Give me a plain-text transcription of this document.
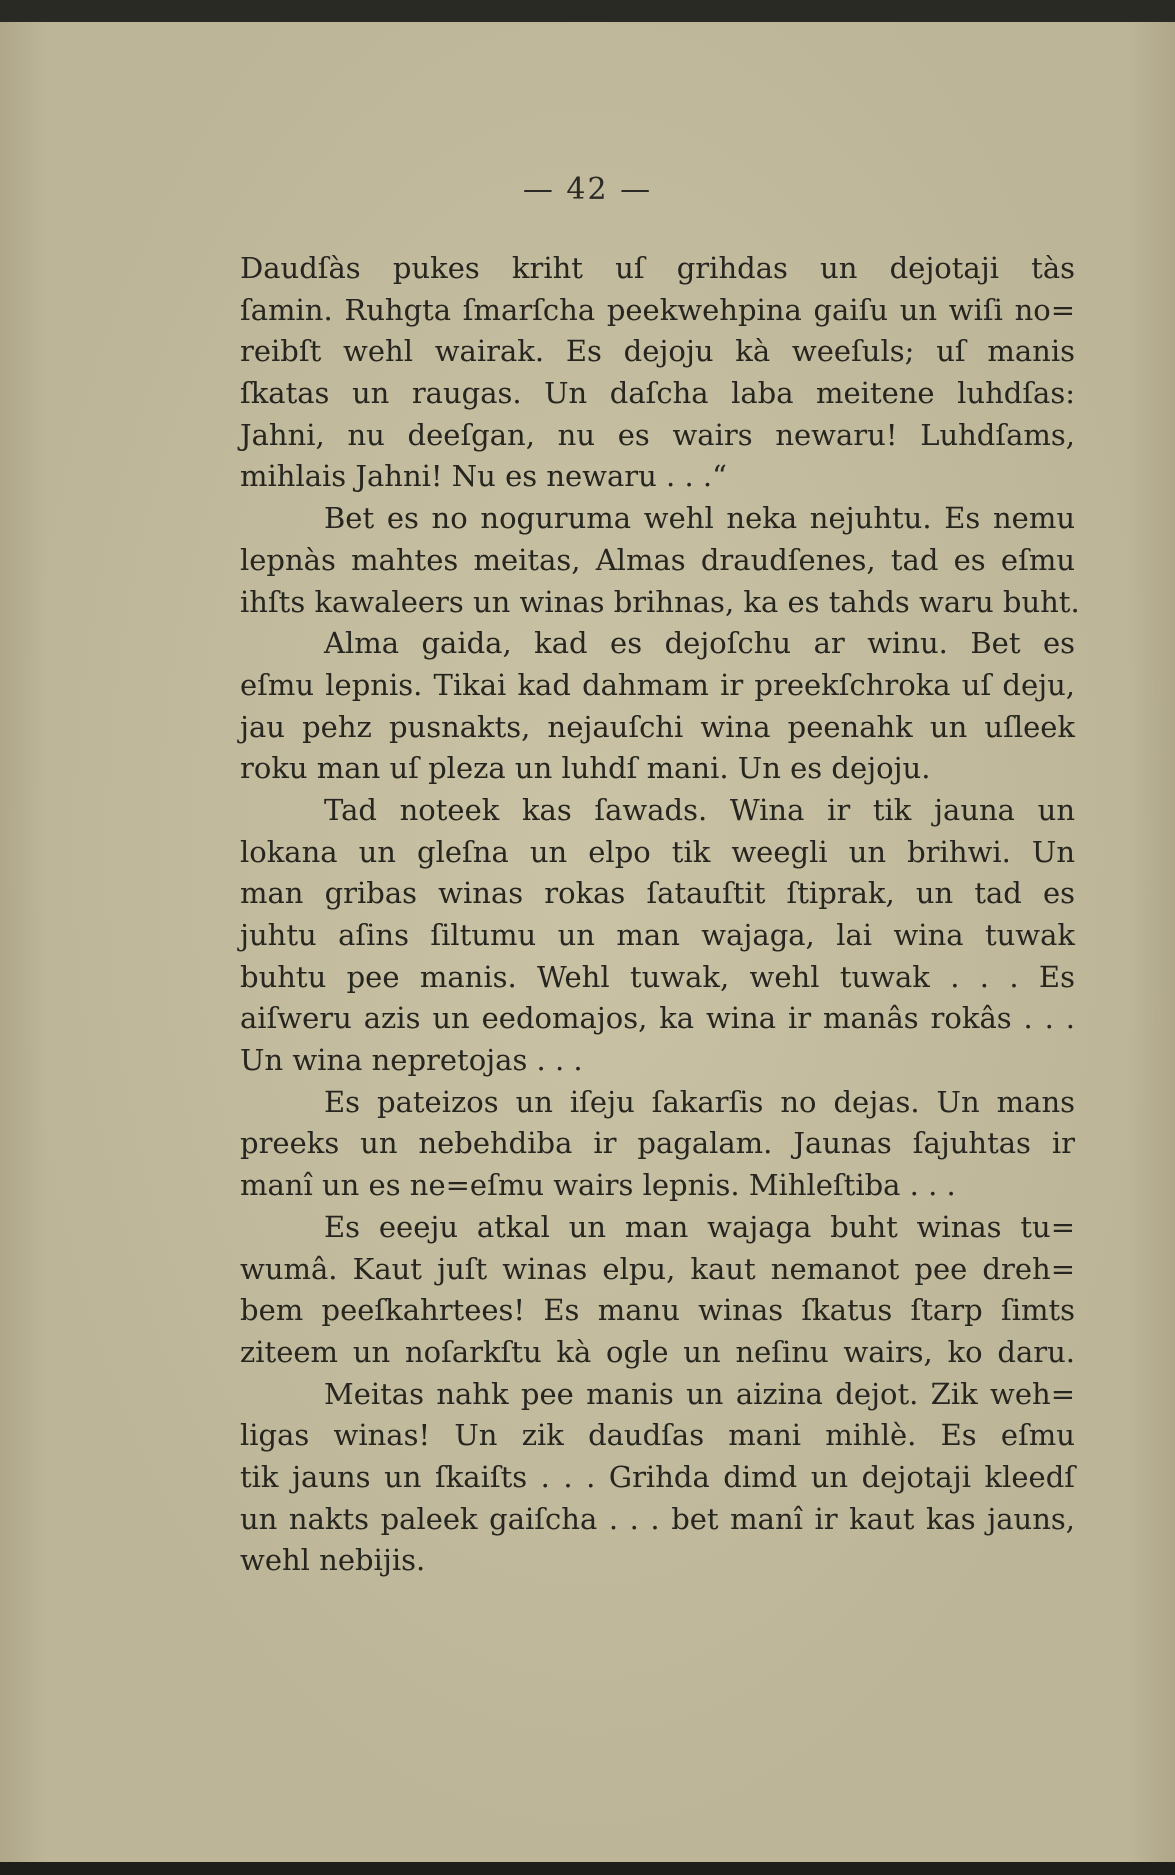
— 42 —
Daudſàs pukes kriht uſ grihdas un dejotaji tàs
ſamin. Ruhgta ſmarſcha peekwehpina gaiſu un wiſi no=
reibſt wehl wairak. Es dejoju kà weeſuls; uſ manis
ſkatas un raugas. Un daſcha laba meitene luhdſas:
Jahni, nu deeſgan, nu es wairs newaru! Luhdſams,
mihlais Jahni! Nu es newaru . . .“
Bet es no noguruma wehl neka nejuhtu. Es nemu
lepnàs mahtes meitas, Almas draudſenes, tad es eſmu
ihſts kawaleers un winas brihnas, ka es tahds waru buht.
Alma gaida, kad es dejoſchu ar winu. Bet es
eſmu lepnis. Tikai kad dahmam ir preekſchroka uſ deju,
jau pehz pusnakts, nejauſchi wina peenahk un uſleek
roku man uſ pleza un luhdſ mani. Un es dejoju.
Tad noteek kas ſawads. Wina ir tik jauna un
lokana un gleſna un elpo tik weegli un brihwi. Un
man gribas winas rokas ſatauſtit ſtiprak, un tad es
juhtu aſins ſiltumu un man wajaga, lai wina tuwak
buhtu pee manis. Wehl tuwak, wehl tuwak . . . Es
aiſweru azis un eedomajos, ka wina ir manâs rokâs . . .
Un wina nepretojas . . .
Es pateizos un iſeju ſakarſis no dejas. Un mans
preeks un nebehdiba ir pagalam. Jaunas ſajuhtas ir
manî un es ne=eſmu wairs lepnis. Mihleſtiba . . .
Es eeeju atkal un man wajaga buht winas tu=
wumâ. Kaut juſt winas elpu, kaut nemanot pee dreh=
bem peeſkahrtees! Es manu winas ſkatus ſtarp ſimts
ziteem un noſarkſtu kà ogle un neſinu wairs, ko daru.
Meitas nahk pee manis un aizina dejot. Zik weh=
ligas winas! Un zik daudſas mani mihlè. Es eſmu
tik jauns un ſkaiſts . . . Grihda dimd un dejotaji kleedſ
un nakts paleek gaiſcha . . . bet manî ir kaut kas jauns,
wehl nebijis.
